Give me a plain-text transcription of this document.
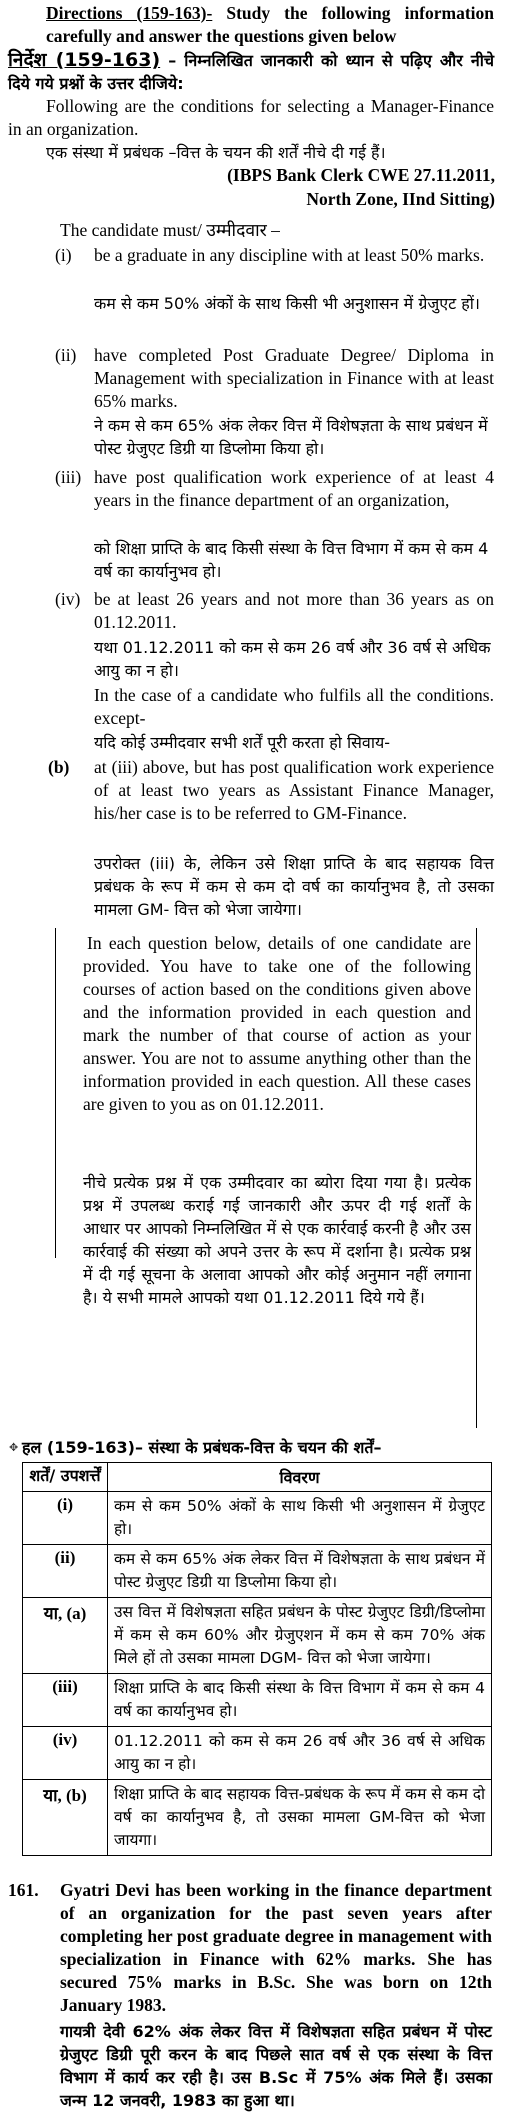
Directions (159-163)- Study the following information carefully and answer the questions given below
निर्देश (159-163) – निम्नलिखित जानकारी को ध्यान से पढ़िए और नीचे दिये गये प्रश्नों के उत्तर दीजिये:
Following are the conditions for selecting a Manager-Finance in an organization.
एक संस्था में प्रबंधक –वित्त के चयन की शर्तें नीचे दी गई हैं।
(IBPS Bank Clerk CWE 27.11.2011,
North Zone, IInd Sitting)
The candidate must/ उम्मीदवार –
(i) be a graduate in any discipline with at least 50% marks.
कम से कम 50% अंकों के साथ किसी भी अनुशासन में ग्रेजुएट हों।
(ii) have completed Post Graduate Degree/ Diploma in Management with specialization in Finance with at least 65% marks.
ने कम से कम 65% अंक लेकर वित्त में विशेषज्ञता के साथ प्रबंधन में पोस्ट ग्रेजुएट डिग्री या डिप्लोमा किया हो।
(iii) have post qualification work experience of at least 4 years in the finance department of an organization,
को शिक्षा प्राप्ति के बाद किसी संस्था के वित्त विभाग में कम से कम 4 वर्ष का कार्यानुभव हो।
(iv) be at least 26 years and not more than 36 years as on 01.12.2011.
यथा 01.12.2011 को कम से कम 26 वर्ष और 36 वर्ष से अधिक आयु का न हो।
In the case of a candidate who fulfils all the conditions. except-
यदि कोई उम्मीदवार सभी शर्तें पूरी करता हो सिवाय-
(b) at (iii) above, but has post qualification work experience of at least two years as Assistant Finance Manager, his/her case is to be referred to GM-Finance.
उपरोक्त (iii) के, लेकिन उसे शिक्षा प्राप्ति के बाद सहायक वित्त प्रबंधक के रूप में कम से कम दो वर्ष का कार्यानुभव है, तो उसका मामला GM- वित्त को भेजा जायेगा।
In each question below, details of one candidate are provided. You have to take one of the following courses of action based on the conditions given above and the information provided in each question and mark the number of that course of action as your answer. You are not to assume anything other than the information provided in each question. All these cases are given to you as on 01.12.2011.
नीचे प्रत्येक प्रश्न में एक उम्मीदवार का ब्योरा दिया गया है। प्रत्येक प्रश्न में उपलब्ध कराई गई जानकारी और ऊपर दी गई शर्तों के आधार पर आपको निम्नलिखित में से एक कार्रवाई करनी है और उस कार्रवाई की संख्या को अपने उत्तर के रूप में दर्शाना है। प्रत्येक प्रश्न में दी गई सूचना के अलावा आपको और कोई अनुमान नहीं लगाना है। ये सभी मामले आपको यथा 01.12.2011 दिये गये हैं।
✥ हल (159-163)– संस्था के प्रबंधक-वित्त के चयन की शर्तें–
शर्तें/ उपशर्त्तें	विवरण
(i)	कम से कम 50% अंकों के साथ किसी भी अनुशासन में ग्रेजुएट हो।
(ii)	कम से कम 65% अंक लेकर वित्त में विशेषज्ञता के साथ प्रबंधन में पोस्ट ग्रेजुएट डिग्री या डिप्लोमा किया हो।
या, (a)	उस वित्त में विशेषज्ञता सहित प्रबंधन के पोस्ट ग्रेजुएट डिग्री/डिप्लोमा में कम से कम 60% और ग्रेजुएशन में कम से कम 70% अंक मिले हों तो उसका मामला DGM- वित्त को भेजा जायेगा।
(iii)	शिक्षा प्राप्ति के बाद किसी संस्था के वित्त विभाग में कम से कम 4 वर्ष का कार्यानुभव हो।
(iv)	01.12.2011 को कम से कम 26 वर्ष और 36 वर्ष से अधिक आयु का न हो।
या, (b)	शिक्षा प्राप्ति के बाद सहायक वित्त-प्रबंधक के रूप में कम से कम दो वर्ष का कार्यानुभव है, तो उसका मामला GM-वित्त को भेजा जायगा।
161. Gyatri Devi has been working in the finance department of an organization for the past seven years after completing her post graduate degree in management with specialization in Finance with 62% marks. She has secured 75% marks in B.Sc. She was born on 12th January 1983.
गायत्री देवी 62% अंक लेकर वित्त में विशेषज्ञता सहित प्रबंधन में पोस्ट ग्रेजुएट डिग्री पूरी करन के बाद पिछले सात वर्ष से एक संस्था के वित्त विभाग में कार्य कर रही है। उस B.Sc में 75% अंक मिले हैं। उसका जन्म 12 जनवरी, 1983 का हुआ था।
